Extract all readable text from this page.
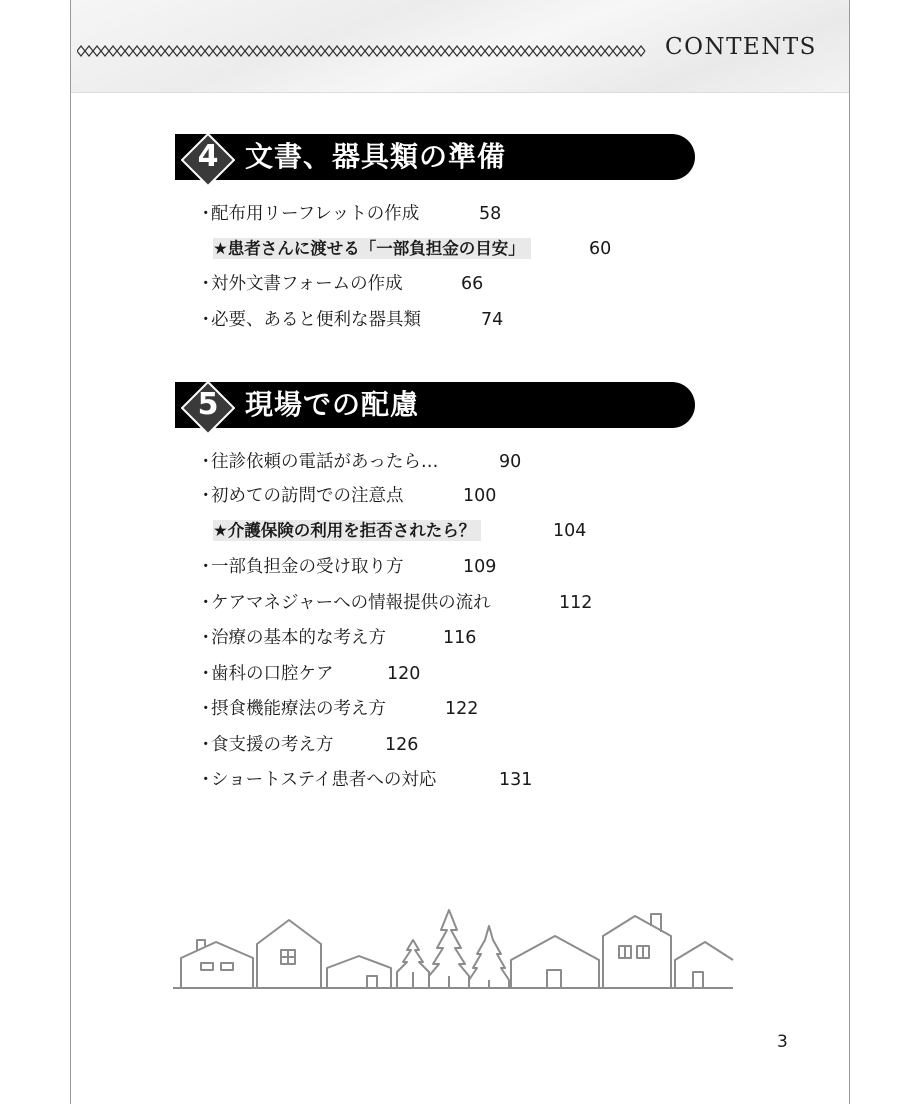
CONTENTS
4 文書、器具類の準備
・配布用リーフレットの作成	58
★患者さんに渡せる「一部負担金の目安」	60
・対外文書フォームの作成	66
・必要、あると便利な器具類	74
5 現場での配慮
・往診依頼の電話があったら…	90
・初めての訪問での注意点	100
★介護保険の利用を拒否されたら？	104
・一部負担金の受け取り方	109
・ケアマネジャーへの情報提供の流れ	112
・治療の基本的な考え方	116
・歯科の口腔ケア	120
・摂食機能療法の考え方	122
・食支援の考え方	126
・ショートステイ患者への対応	131
3
